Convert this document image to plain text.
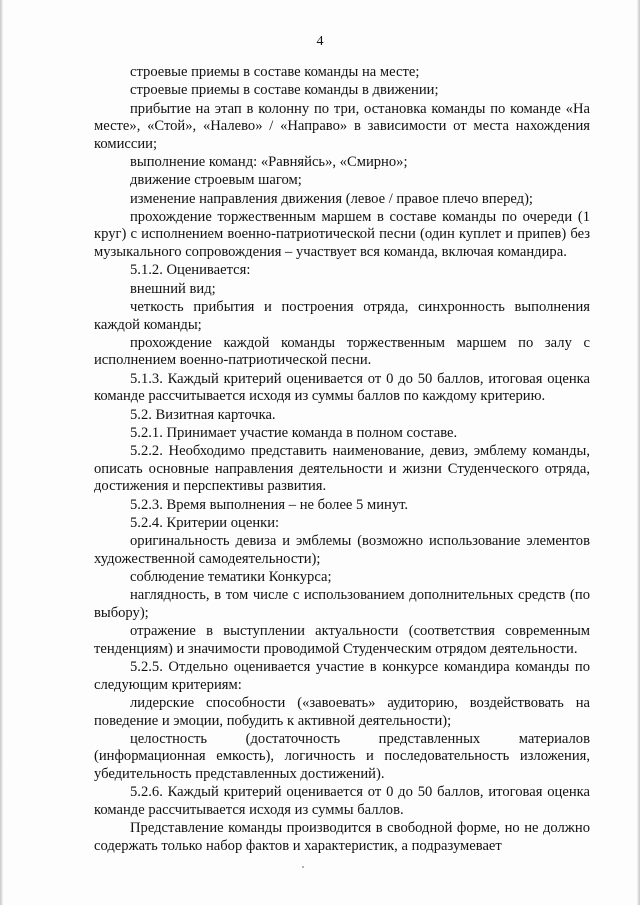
4

строевые приемы в составе команды на месте;

строевые приемы в составе команды в движении;

прибытие на этап в колонну по три, остановка команды по команде «На месте», «Стой», «Налево» / «Направо» в зависимости от места нахождения комиссии;

выполнение команд: «Равняйсь», «Смирно»;

движение строевым шагом;

изменение направления движения (левое / правое плечо вперед);

прохождение торжественным маршем в составе команды по очереди (1 круг) с исполнением военно-патриотической песни (один куплет и припев) без музыкального сопровождения – участвует вся команда, включая командира.

5.1.2. Оценивается:

внешний вид;

четкость прибытия и построения отряда, синхронность выполнения каждой команды;

прохождение каждой команды торжественным маршем по залу с исполнением военно-патриотической песни.

5.1.3. Каждый критерий оценивается от 0 до 50 баллов, итоговая оценка команде рассчитывается исходя из суммы баллов по каждому критерию.

5.2. Визитная карточка.

5.2.1. Принимает участие команда в полном составе.

5.2.2. Необходимо представить наименование, девиз, эмблему команды, описать основные направления деятельности и жизни Студенческого отряда, достижения и перспективы развития.

5.2.3. Время выполнения – не более 5 минут.

5.2.4. Критерии оценки:

оригинальность девиза и эмблемы (возможно использование элементов художественной самодеятельности);

соблюдение тематики Конкурса;

наглядность, в том числе с использованием дополнительных средств (по выбору);

отражение в выступлении актуальности (соответствия современным тенденциям) и значимости проводимой Студенческим отрядом деятельности.

5.2.5. Отдельно оценивается участие в конкурсе командира команды по следующим критериям:

лидерские способности («завоевать» аудиторию, воздействовать на поведение и эмоции, побудить к активной деятельности);

целостность (достаточность представленных материалов (информационная емкость), логичность и последовательность изложения, убедительность представленных достижений).

5.2.6. Каждый критерий оценивается от 0 до 50 баллов, итоговая оценка команде рассчитывается исходя из суммы баллов.

Представление команды производится в свободной форме, но не должно содержать только набор фактов и характеристик, а подразумевает
